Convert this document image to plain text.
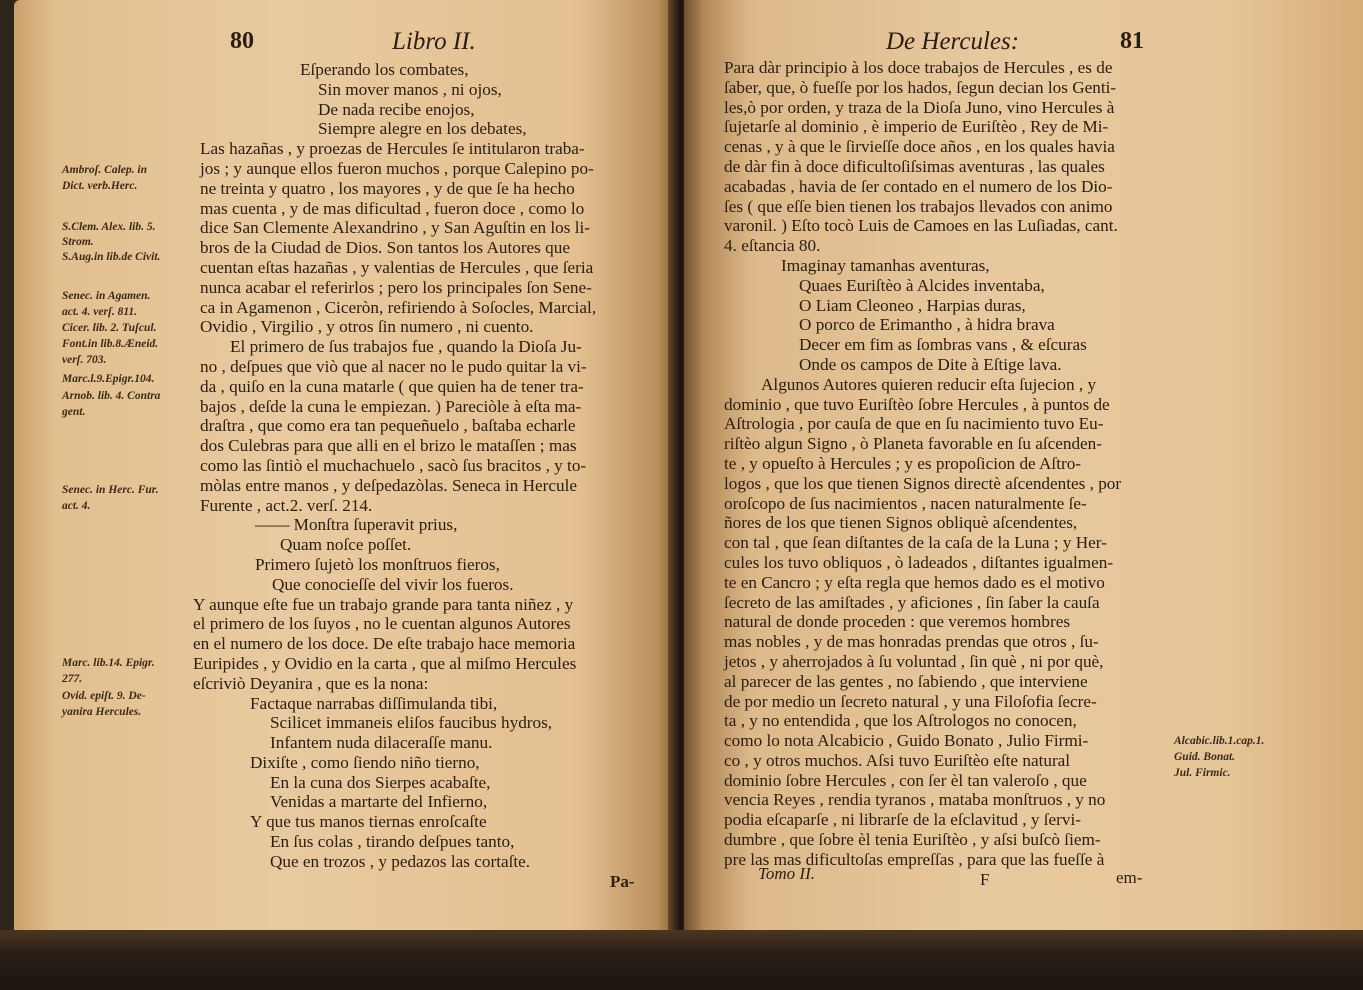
80	Libro II.
Ambroſ. Calep. in
Dict. verb.Herc.
S.Clem. Alex. lib. 5.
Strom.
S.Aug.in lib.de Civit.
Senec. in Agamen.
act. 4. verſ. 811.
Cicer. lib. 2. Tuſcul.
Font.in lib.8.Æneid.
verſ. 703.
Marc.l.9.Epigr.104.
Arnob. lib. 4. Contra
gent.
Senec. in Herc. Fur.
act. 4.
Marc. lib.14. Epigr.
277.
Ovid. epiſt. 9. De-
yanira Hercules.
Eſperando los combates,
Sin mover manos , ni ojos,
De nada recibe enojos,
Siempre alegre en los debates,
Las hazañas , y proezas de Hercules ſe intitularon traba-
jos ; y aunque ellos fueron muchos , porque Calepino po-
ne treinta y quatro , los mayores , y de que ſe ha hecho
mas cuenta , y de mas dificultad , fueron doce , como lo
dice San Clemente Alexandrino , y San Aguſtin en los li-
bros de la Ciudad de Dios. Son tantos los Autores que
cuentan eſtas hazañas , y valentias de Hercules , que ſeria
nunca acabar el referirlos ; pero los principales ſon Sene-
ca in Agamenon , Ciceròn, refiriendo à Soſocles, Marcial,
Ovidio , Virgilio , y otros ſin numero , ni cuento.
El primero de ſus trabajos fue , quando la Dioſa Ju-
no , deſpues que viò que al nacer no le pudo quitar la vi-
da , quiſo en la cuna matarle ( que quien ha de tener tra-
bajos , deſde la cuna le empiezan. ) Pareciòle à eſta ma-
draſtra , que como era tan pequeñuelo , baſtaba echarle
dos Culebras para que alli en el brizo le mataſſen ; mas
como las ſintiò el muchachuelo , sacò ſus bracitos , y to-
mòlas entre manos , y deſpedazòlas. Seneca in Hercule
Furente , act.2. verſ. 214.
—— Monſtra ſuperavit prius,
Quam noſce poſſet.
Primero ſujetò los monſtruos fieros,
Que conocieſſe del vivir los fueros.
Y aunque eſte fue un trabajo grande para tanta niñez , y
el primero de los ſuyos , no le cuentan algunos Autores
en el numero de los doce. De eſte trabajo hace memoria
Euripides , y Ovidio en la carta , que al miſmo Hercules
eſcriviò Deyanira , que es la nona:
Factaque narrabas diſſimulanda tibi,
Scilicet immaneis eliſos faucibus hydros,
Infantem nuda dilaceraſſe manu.
Dixiſte , como ſiendo niño tierno,
En la cuna dos Sierpes acabaſte,
Venidas a martarte del Infierno,
Y que tus manos tiernas enroſcaſte
En ſus colas , tirando deſpues tanto,
Que en trozos , y pedazos las cortaſte.
Pa-
De Hercules:	81
Para dàr principio à los doce trabajos de Hercules , es de
ſaber, que, ò fueſſe por los hados, ſegun decian los Genti-
les,ò por orden, y traza de la Dioſa Juno, vino Hercules à
ſujetarſe al dominio , è imperio de Euriſtèo , Rey de Mi-
cenas , y à que le ſirvieſſe doce años , en los quales havia
de dàr fin à doce dificultoſiſsimas aventuras , las quales
acabadas , havia de ſer contado en el numero de los Dio-
ſes ( que eſſe bien tienen los trabajos llevados con animo
varonil. ) Eſto tocò Luis de Camoes en las Luſiadas, cant.
4. eſtancia 80.
Imaginay tamanhas aventuras,
Quaes Euriſtèo à Alcides inventaba,
O Liam Cleoneo , Harpias duras,
O porco de Erimantho , à hidra brava
Decer em fim as ſombras vans , & eſcuras
Onde os campos de Dite à Eſtige lava.
Algunos Autores quieren reducir eſta ſujecion , y
dominio , que tuvo Euriſtèo ſobre Hercules , à puntos de
Aſtrologia , por cauſa de que en ſu nacimiento tuvo Eu-
riſtèo algun Signo , ò Planeta favorable en ſu aſcenden-
te , y opueſto à Hercules ; y es propoſicion de Aſtro-
logos , que los que tienen Signos directè aſcendentes , por
oroſcopo de ſus nacimientos , nacen naturalmente ſe-
ñores de los que tienen Signos obliquè aſcendentes,
con tal , que ſean diſtantes de la caſa de la Luna ; y Her-
cules los tuvo obliquos , ò ladeados , diſtantes igualmen-
te en Cancro ; y eſta regla que hemos dado es el motivo
ſecreto de las amiſtades , y aficiones , ſin ſaber la cauſa
natural de donde proceden : que veremos hombres
mas nobles , y de mas honradas prendas que otros , ſu-
jetos , y aherrojados à ſu voluntad , ſin què , ni por què,
al parecer de las gentes , no ſabiendo , que interviene
de por medio un ſecreto natural , y una Filoſofia ſecre-
ta , y no entendida , que los Aſtrologos no conocen,
como lo nota Alcabicio , Guido Bonato , Julio Firmi-
co , y otros muchos. Aſsi tuvo Euriſtèo eſte natural
dominio ſobre Hercules , con ſer èl tan valeroſo , que
vencia Reyes , rendia tyranos , mataba monſtruos , y no
podia eſcaparſe , ni librarſe de la eſclavitud , y ſervi-
dumbre , que ſobre èl tenia Euriſtèo , y aſsi buſcò ſiem-
pre las mas dificultoſas empreſſas , para que las fueſſe à
Alcabic.lib.1.cap.1.
Guid. Bonat.
Jul. Firmic.
Tomo II.	F	em-
